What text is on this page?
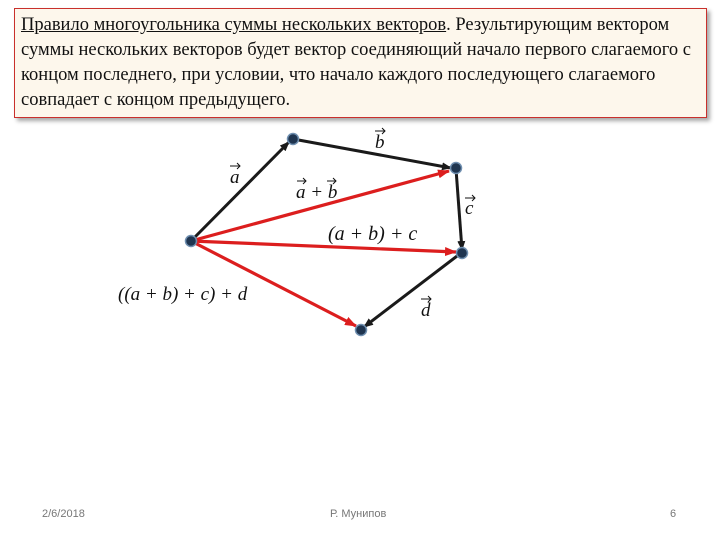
Правило многоугольника суммы нескольких векторов. Результирующим вектором суммы нескольких векторов будет вектор соединяющий начало первого слагаемого с концом последнего, при условии, что начало каждого последующего слагаемого совпадает с концом предыдущего.
a
b
c
d
a + b
(a + b) + c
((a + b) + c) + d
2/6/2018	Р. Мунипов	6
